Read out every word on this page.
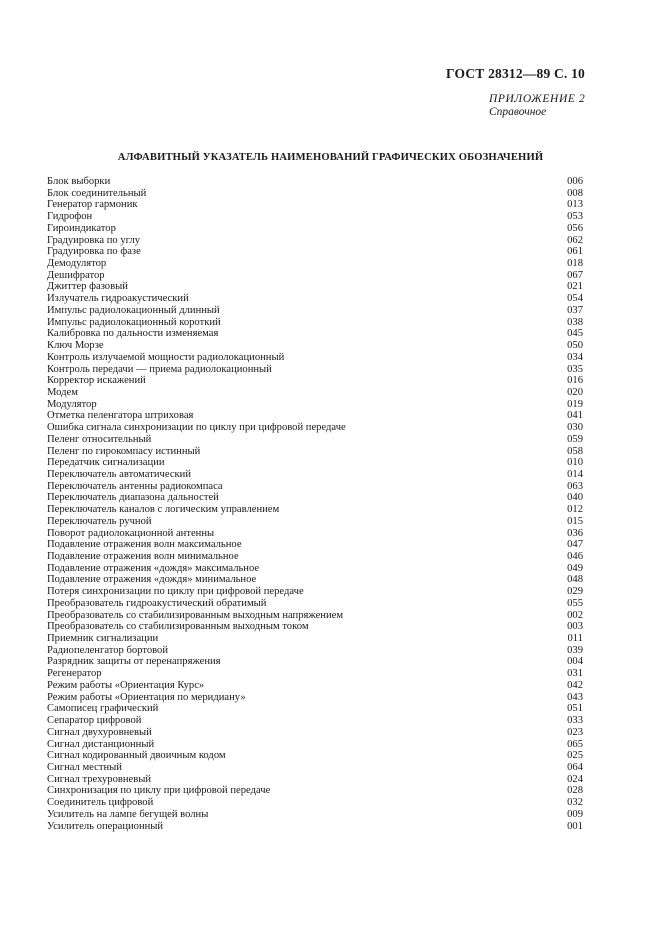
ГОСТ 28312—89 С. 10
ПРИЛОЖЕНИЕ 2
Справочное
АЛФАВИТНЫЙ УКАЗАТЕЛЬ НАИМЕНОВАНИЙ ГРАФИЧЕСКИХ ОБОЗНАЧЕНИЙ
Блок выборки	006
Блок соединительный	008
Генератор гармоник	013
Гидрофон	053
Гироиндикатор	056
Градуировка по углу	062
Градуировка по фазе	061
Демодулятор	018
Дешифратор	067
Джиттер фазовый	021
Излучатель гидроакустический	054
Импульс радиолокационный длинный	037
Импульс радиолокационный короткий	038
Калибровка по дальности изменяемая	045
Ключ Морзе	050
Контроль излучаемой мощности радиолокационный	034
Контроль передачи — приема радиолокационный	035
Корректор искажений	016
Модем	020
Модулятор	019
Отметка пеленгатора штриховая	041
Ошибка сигнала синхронизации по циклу при цифровой передаче	030
Пеленг относительный	059
Пеленг по гирокомпасу истинный	058
Передатчик сигнализации	010
Переключатель автоматический	014
Переключатель антенны радиокомпаса	063
Переключатель диапазона дальностей	040
Переключатель каналов с логическим управлением	012
Переключатель ручной	015
Поворот радиолокационной антенны	036
Подавление отражения волн максимальное	047
Подавление отражения волн минимальное	046
Подавление отражения «дождя» максимальное	049
Подавление отражения «дождя» минимальное	048
Потеря синхронизации по циклу при цифровой передаче	029
Преобразователь гидроакустический обратимый	055
Преобразователь со стабилизированным выходным напряжением	002
Преобразователь со стабилизированным выходным током	003
Приемник сигнализации	011
Радиопеленгатор бортовой	039
Разрядник защиты от перенапряжения	004
Регенератор	031
Режим работы «Ориентация Курс»	042
Режим работы «Ориентация по меридиану»	043
Самописец графический	051
Сепаратор цифровой	033
Сигнал двухуровневый	023
Сигнал дистанционный	065
Сигнал кодированный двоичным кодом	025
Сигнал местный	064
Сигнал трехуровневый	024
Синхронизация по циклу при цифровой передаче	028
Соединитель цифровой	032
Усилитель на лампе бегущей волны	009
Усилитель операционный	001
